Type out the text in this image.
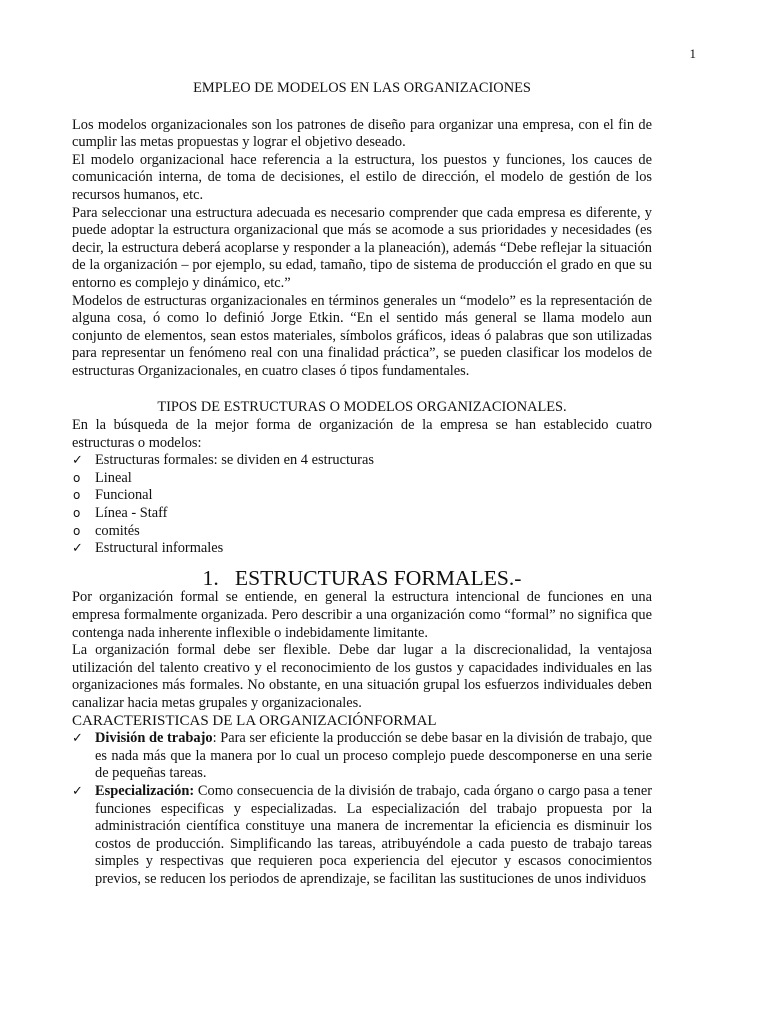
1
EMPLEO DE MODELOS EN LAS ORGANIZACIONES

Los modelos organizacionales son los patrones de diseño para organizar una empresa, con el fin de cumplir las metas propuestas y lograr el objetivo deseado.

El modelo organizacional hace referencia a la estructura, los puestos y funciones, los cauces de comunicación interna, de toma de decisiones, el estilo de dirección, el modelo de gestión de los recursos humanos, etc.

Para seleccionar una estructura adecuada es necesario comprender que cada empresa es diferente, y puede adoptar la estructura organizacional que más se acomode a sus prioridades y necesidades (es decir, la estructura deberá acoplarse y responder a la planeación), además “Debe reflejar la situación de la organización – por ejemplo, su edad, tamaño, tipo de sistema de producción el grado en que su entorno es complejo y dinámico, etc.”

Modelos de estructuras organizacionales en términos generales un “modelo” es la representación de alguna cosa, ó como lo definió Jorge Etkin. “En el sentido más general se llama modelo aun conjunto de elementos, sean estos materiales, símbolos gráficos, ideas ó palabras que son utilizadas para representar un fenómeno real con una finalidad práctica”, se pueden clasificar los modelos de estructuras Organizacionales, en cuatro clases ó tipos fundamentales.

TIPOS DE ESTRUCTURAS O MODELOS ORGANIZACIONALES.

En la búsqueda de la mejor forma de organización de la empresa se han establecido cuatro estructuras o modelos:

✓ Estructuras formales: se dividen en 4 estructuras
o	Lineal
o	Funcional
o	Línea - Staff
o	comités
✓ Estructural informales
1. ESTRUCTURAS FORMALES.-

Por organización formal se entiende, en general la estructura intencional de funciones en una empresa formalmente organizada. Pero describir a una organización como “formal” no significa que contenga nada inherente inflexible o indebidamente limitante.

La organización formal debe ser flexible. Debe dar lugar a la discrecionalidad, la ventajosa utilización del talento creativo y el reconocimiento de los gustos y capacidades individuales en las organizaciones más formales. No obstante, en una situación grupal los esfuerzos individuales deben canalizar hacia metas grupales y organizacionales.

CARACTERISTICAS DE LA ORGANIZACIÓNFORMAL
✓ División de trabajo: Para ser eficiente la producción se debe basar en la división de trabajo, que es nada más que la manera por lo cual un proceso complejo puede descomponerse en una serie de pequeñas tareas.
✓ Especialización: Como consecuencia de la división de trabajo, cada órgano o cargo pasa a tener funciones especificas y especializadas. La especialización del trabajo propuesta por la administración científica constituye una manera de incrementar la eficiencia es disminuir los costos de producción. Simplificando las tareas, atribuyéndole a cada puesto de trabajo tareas simples y respectivas que requieren poca experiencia del ejecutor y escasos conocimientos previos, se reducen los periodos de aprendizaje, se facilitan las sustituciones de unos individuos
